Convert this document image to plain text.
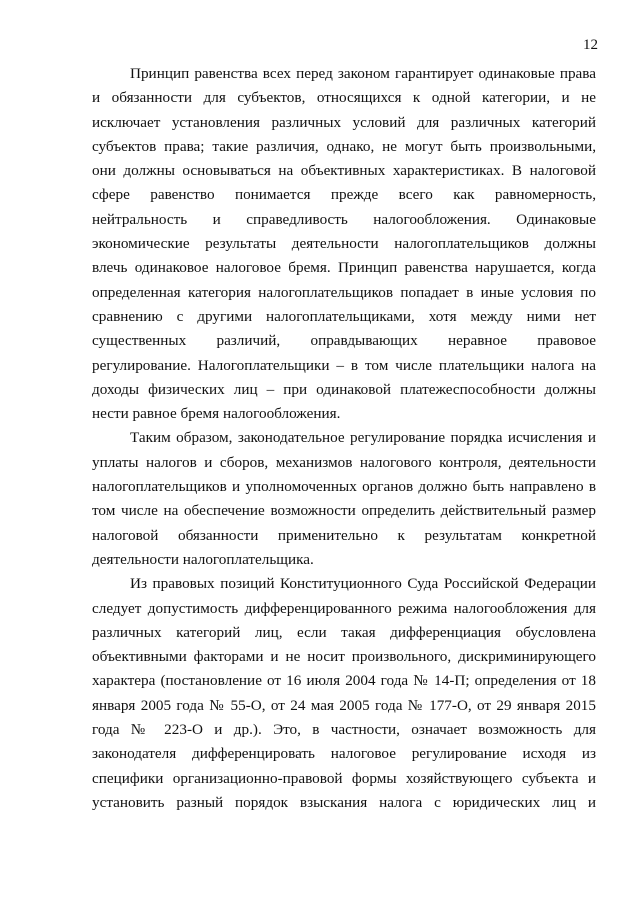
12
Принцип равенства всех перед законом гарантирует одинаковые права
и обязанности для субъектов, относящихся к одной категории, и не
исключает установления различных условий для различных категорий
субъектов права; такие различия, однако, не могут быть произвольными,
они должны основываться на объективных характеристиках. В налоговой
сфере равенство понимается прежде всего как равномерность,
нейтральность и справедливость налогообложения. Одинаковые
экономические результаты деятельности налогоплательщиков должны
влечь одинаковое налоговое бремя. Принцип равенства нарушается, когда
определенная категория налогоплательщиков попадает в иные условия по
сравнению с другими налогоплательщиками, хотя между ними нет
существенных различий, оправдывающих неравное правовое
регулирование. Налогоплательщики – в том числе плательщики налога на
доходы физических лиц – при одинаковой платежеспособности должны
нести равное бремя налогообложения.
Таким образом, законодательное регулирование порядка исчисления и
уплаты налогов и сборов, механизмов налогового контроля, деятельности
налогоплательщиков и уполномоченных органов должно быть направлено в
том числе на обеспечение возможности определить действительный размер
налоговой обязанности применительно к результатам конкретной
деятельности налогоплательщика.
Из правовых позиций Конституционного Суда Российской Федерации
следует допустимость дифференцированного режима налогообложения для
различных категорий лиц, если такая дифференциация обусловлена
объективными факторами и не носит произвольного, дискриминирующего
характера (постановление от 16 июля 2004 года № 14-П; определения от 18
января 2005 года № 55-О, от 24 мая 2005 года № 177-О, от 29 января 2015
года № 223-О и др.). Это, в частности, означает возможность для
законодателя дифференцировать налоговое регулирование исходя из
специфики организационно-правовой формы хозяйствующего субъекта и
установить разный порядок взыскания налога с юридических лиц и
